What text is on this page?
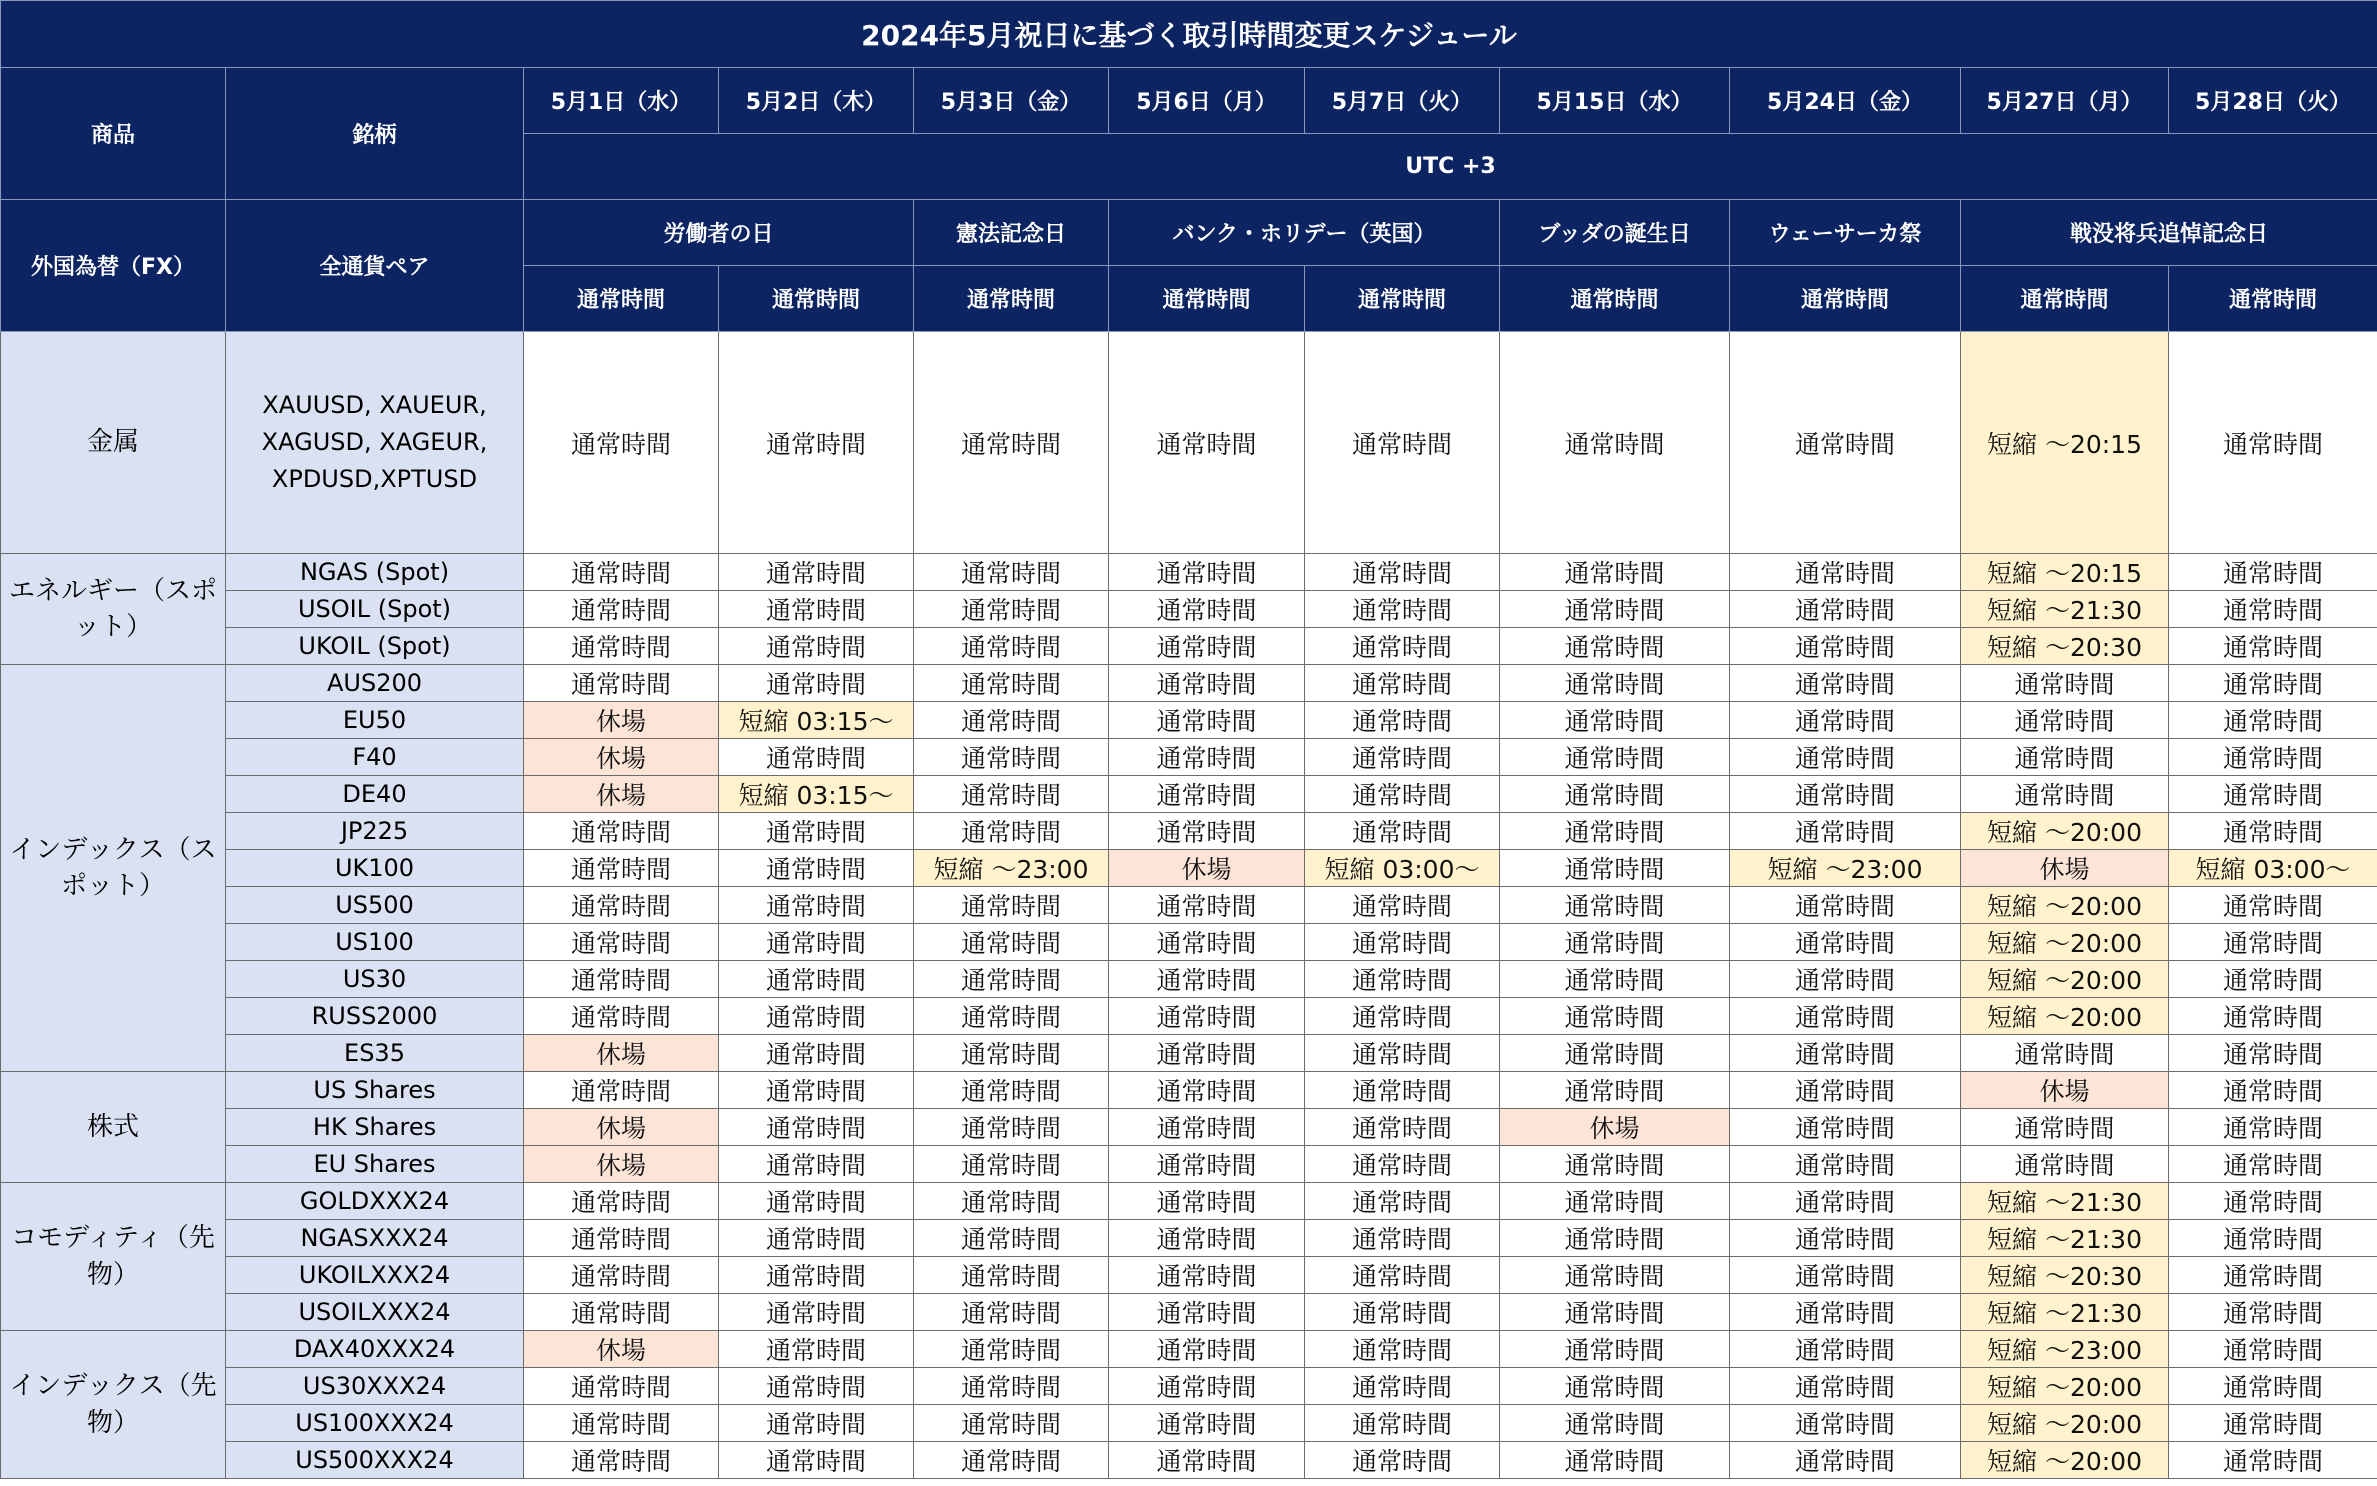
2024年5月祝日に基づく取引時間変更スケジュール										
商品	銘柄	5月1日（水）	5月2日（木）	5月3日（金）	5月6日（月）	5月7日（火）	5月15日（水）	5月24日（金）	5月27日（月）	5月28日（火）
		UTC +3								
外国為替（FX）	全通貨ペア	労働者の日		憲法記念日	バンク・ホリデー（英国）		ブッダの誕生日	ウェーサーカ祭	戦没将兵追悼記念日	
		通常時間	通常時間	通常時間	通常時間	通常時間	通常時間	通常時間	通常時間	通常時間
金属	XAUUSD, XAUEUR, XAGUSD, XAGEUR, XPDUSD,XPTUSD	通常時間	通常時間	通常時間	通常時間	通常時間	通常時間	通常時間	短縮 ～20:15	通常時間
エネルギー（スポット）	NGAS (Spot)	通常時間	通常時間	通常時間	通常時間	通常時間	通常時間	通常時間	短縮 ～20:15	通常時間
	USOIL (Spot)	通常時間	通常時間	通常時間	通常時間	通常時間	通常時間	通常時間	短縮 ～21:30	通常時間
	UKOIL (Spot)	通常時間	通常時間	通常時間	通常時間	通常時間	通常時間	通常時間	短縮 ～20:30	通常時間
インデックス（スポット）	AUS200	通常時間	通常時間	通常時間	通常時間	通常時間	通常時間	通常時間	通常時間	通常時間
	EU50	休場	短縮 03:15～	通常時間	通常時間	通常時間	通常時間	通常時間	通常時間	通常時間
	F40	休場	通常時間	通常時間	通常時間	通常時間	通常時間	通常時間	通常時間	通常時間
	DE40	休場	短縮 03:15～	通常時間	通常時間	通常時間	通常時間	通常時間	通常時間	通常時間
	JP225	通常時間	通常時間	通常時間	通常時間	通常時間	通常時間	通常時間	短縮 ～20:00	通常時間
	UK100	通常時間	通常時間	短縮 ～23:00	休場	短縮 03:00～	通常時間	短縮 ～23:00	休場	短縮 03:00～
	US500	通常時間	通常時間	通常時間	通常時間	通常時間	通常時間	通常時間	短縮 ～20:00	通常時間
	US100	通常時間	通常時間	通常時間	通常時間	通常時間	通常時間	通常時間	短縮 ～20:00	通常時間
	US30	通常時間	通常時間	通常時間	通常時間	通常時間	通常時間	通常時間	短縮 ～20:00	通常時間
	RUSS2000	通常時間	通常時間	通常時間	通常時間	通常時間	通常時間	通常時間	短縮 ～20:00	通常時間
	ES35	休場	通常時間	通常時間	通常時間	通常時間	通常時間	通常時間	通常時間	通常時間
株式	US Shares	通常時間	通常時間	通常時間	通常時間	通常時間	通常時間	通常時間	休場	通常時間
	HK Shares	休場	通常時間	通常時間	通常時間	通常時間	休場	通常時間	通常時間	通常時間
	EU Shares	休場	通常時間	通常時間	通常時間	通常時間	通常時間	通常時間	通常時間	通常時間
コモディティ（先物）	GOLDXXX24	通常時間	通常時間	通常時間	通常時間	通常時間	通常時間	通常時間	短縮 ～21:30	通常時間
	NGASXXX24	通常時間	通常時間	通常時間	通常時間	通常時間	通常時間	通常時間	短縮 ～21:30	通常時間
	UKOILXXX24	通常時間	通常時間	通常時間	通常時間	通常時間	通常時間	通常時間	短縮 ～20:30	通常時間
	USOILXXX24	通常時間	通常時間	通常時間	通常時間	通常時間	通常時間	通常時間	短縮 ～21:30	通常時間
インデックス（先物）	DAX40XXX24	休場	通常時間	通常時間	通常時間	通常時間	通常時間	通常時間	短縮 ～23:00	通常時間
	US30XXX24	通常時間	通常時間	通常時間	通常時間	通常時間	通常時間	通常時間	短縮 ～20:00	通常時間
	US100XXX24	通常時間	通常時間	通常時間	通常時間	通常時間	通常時間	通常時間	短縮 ～20:00	通常時間
	US500XXX24	通常時間	通常時間	通常時間	通常時間	通常時間	通常時間	通常時間	短縮 ～20:00	通常時間
